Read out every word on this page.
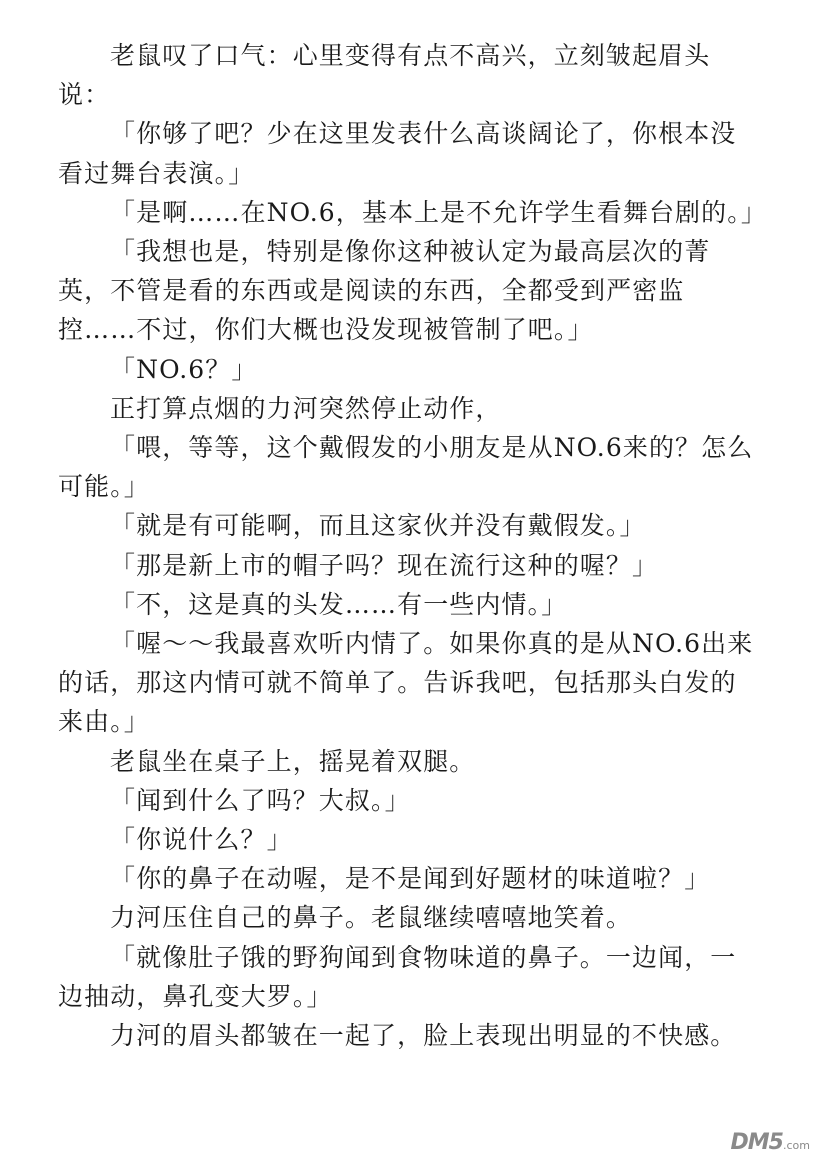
老鼠叹了口气：心里变得有点不高兴，立刻皱起眉头说：

「你够了吧？少在这里发表什么高谈阔论了，你根本没看过舞台表演。」

「是啊……在NO.6，基本上是不允许学生看舞台剧的。」

「我想也是，特别是像你这种被认定为最高层次的菁英，不管是看的东西或是阅读的东西，全都受到严密监控……不过，你们大概也没发现被管制了吧。」

「NO.6？」

正打算点烟的力河突然停止动作，

「喂，等等，这个戴假发的小朋友是从NO.6来的？怎么可能。」

「就是有可能啊，而且这家伙并没有戴假发。」

「那是新上市的帽子吗？现在流行这种的喔？」

「不，这是真的头发……有一些内情。」

「喔～～我最喜欢听内情了。如果你真的是从NO.6出来的话，那这内情可就不简单了。告诉我吧，包括那头白发的来由。」

老鼠坐在桌子上，摇晃着双腿。

「闻到什么了吗？大叔。」

「你说什么？」

「你的鼻子在动喔，是不是闻到好题材的味道啦？」

力河压住自己的鼻子。老鼠继续嘻嘻地笑着。

「就像肚子饿的野狗闻到食物味道的鼻子。一边闻，一边抽动，鼻孔变大罗。」

力河的眉头都皱在一起了，脸上表现出明显的不快感。

DM5.com
